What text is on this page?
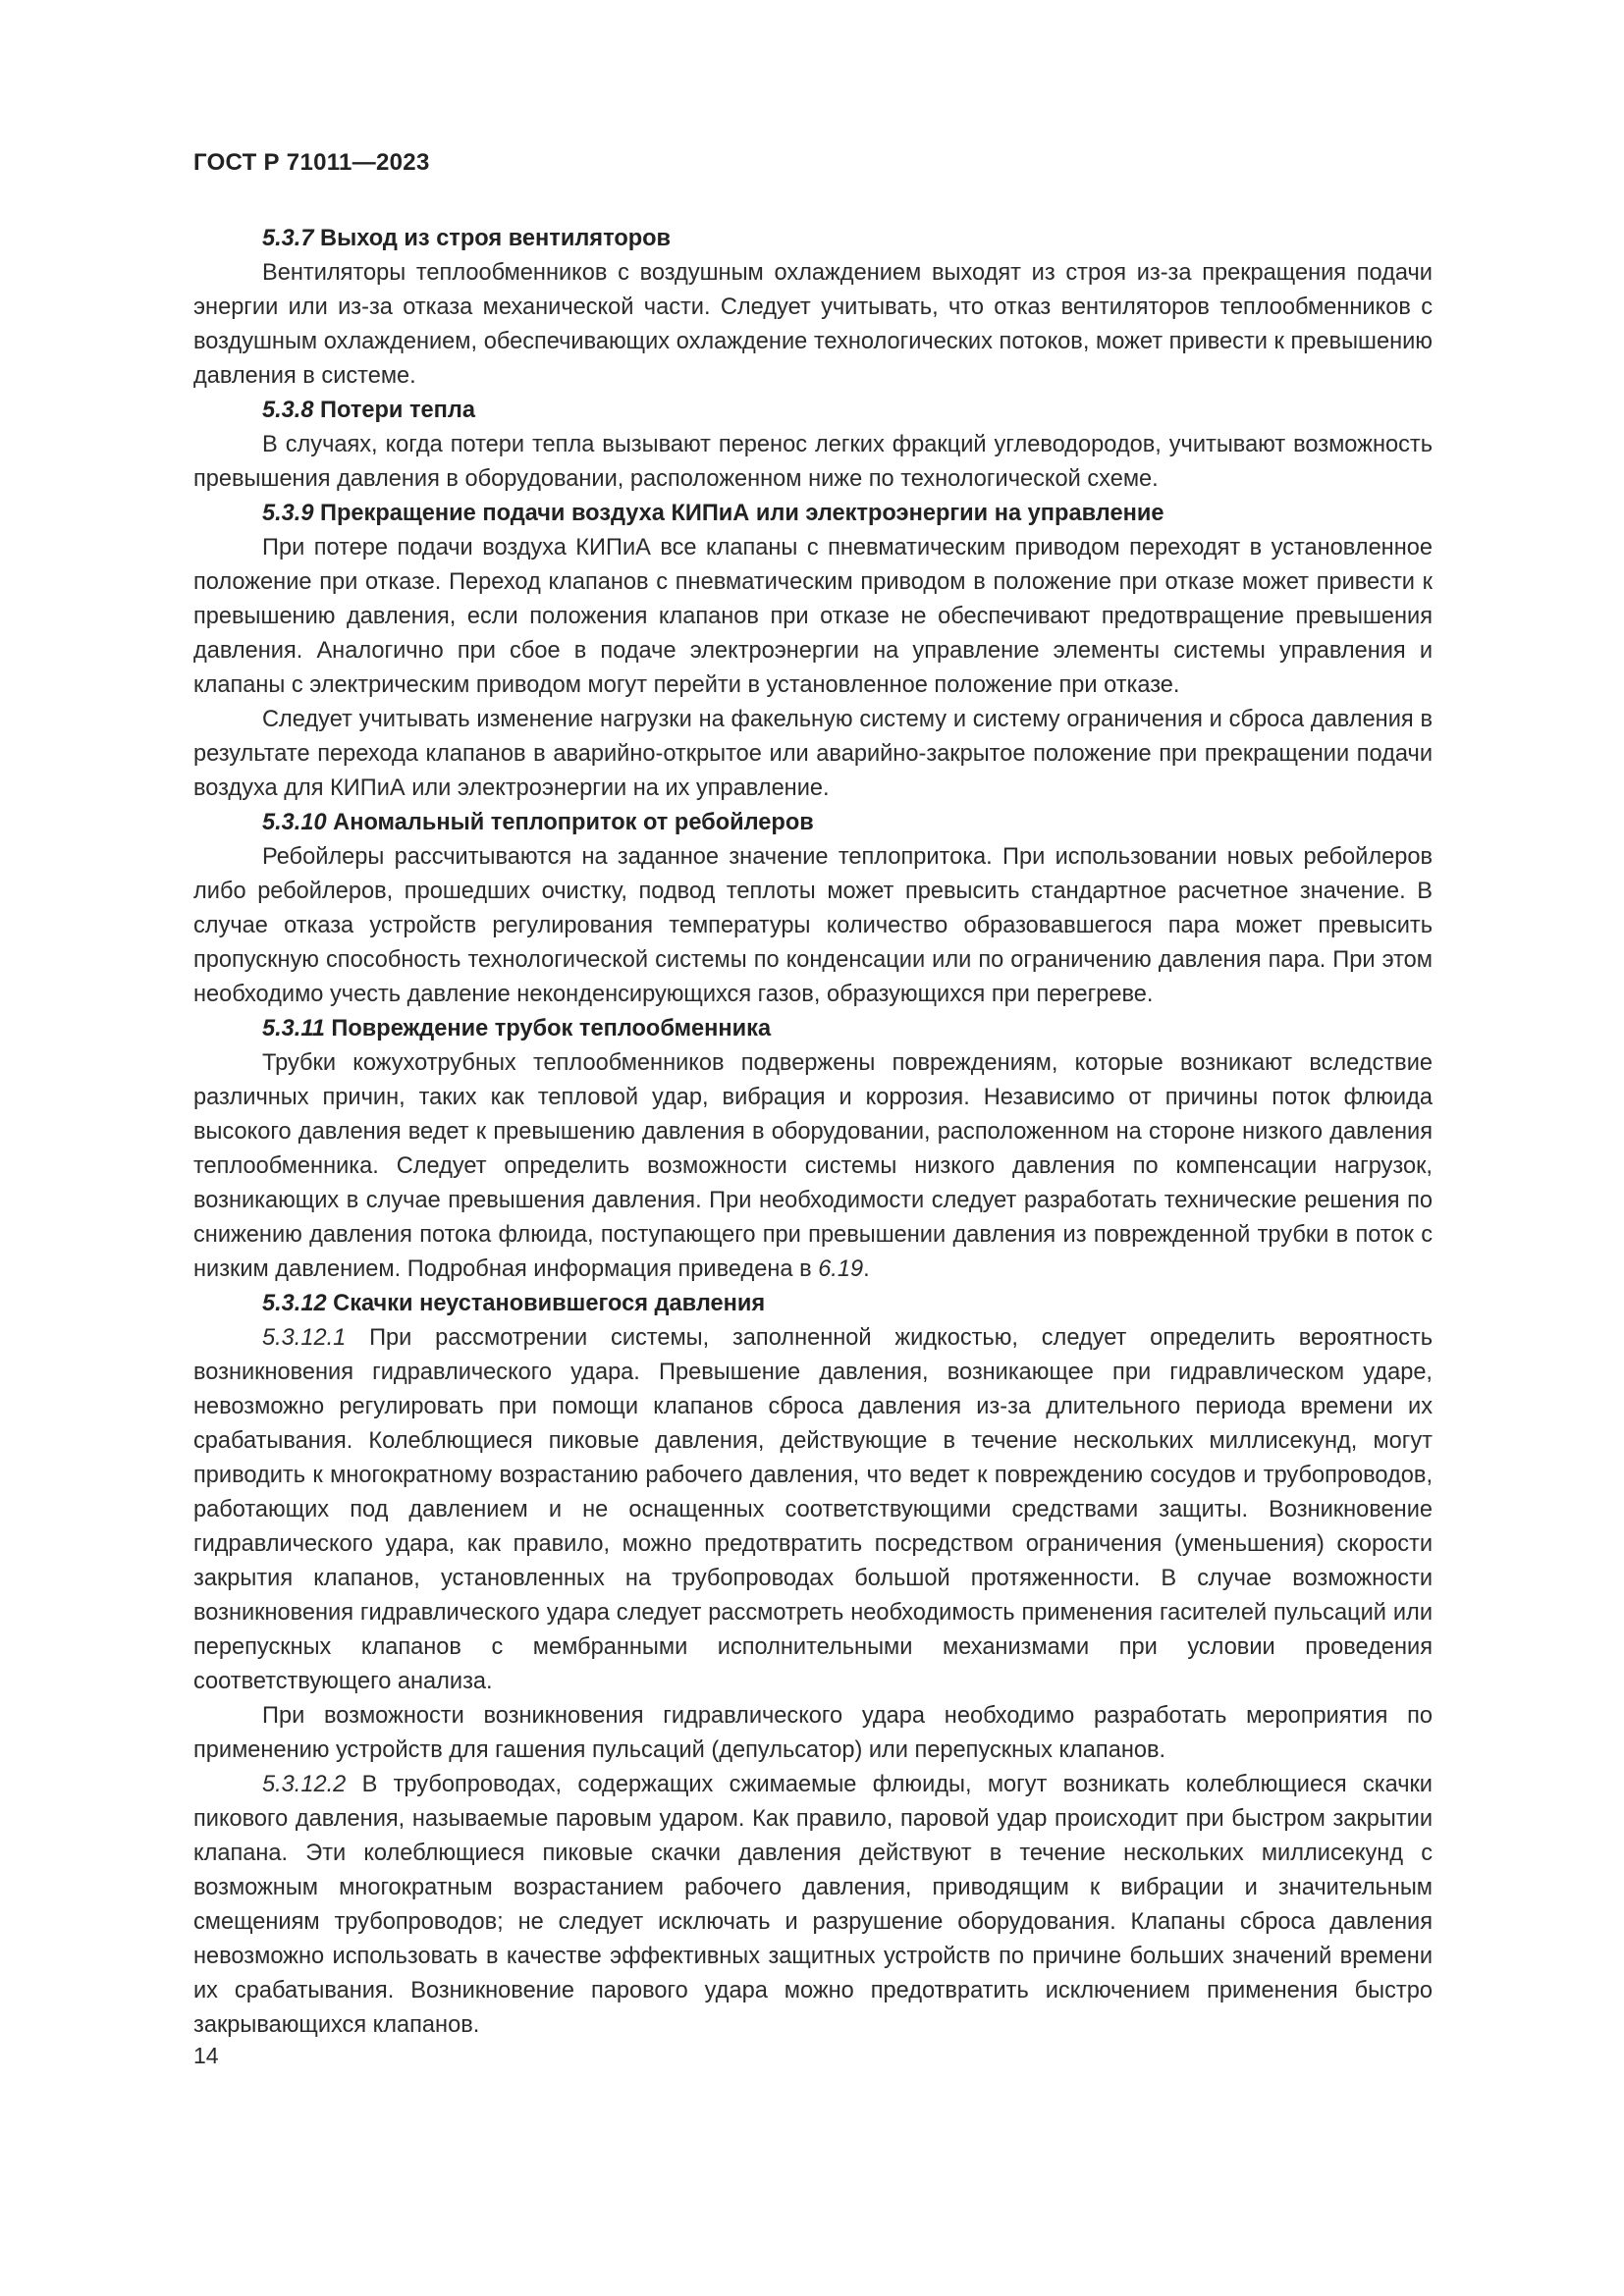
ГОСТ Р 71011—2023
5.3.7 Выход из строя вентиляторов

Вентиляторы теплообменников с воздушным охлаждением выходят из строя из-за прекращения подачи энергии или из-за отказа механической части. Следует учитывать, что отказ вентиляторов теплообменников с воздушным охлаждением, обеспечивающих охлаждение технологических потоков, может привести к превышению давления в системе.

5.3.8 Потери тепла

В случаях, когда потери тепла вызывают перенос легких фракций углеводородов, учитывают возможность превышения давления в оборудовании, расположенном ниже по технологической схеме.

5.3.9 Прекращение подачи воздуха КИПиА или электроэнергии на управление

При потере подачи воздуха КИПиА все клапаны с пневматическим приводом переходят в установленное положение при отказе. Переход клапанов с пневматическим приводом в положение при отказе может привести к превышению давления, если положения клапанов при отказе не обеспечивают предотвращение превышения давления. Аналогично при сбое в подаче электроэнергии на управление элементы системы управления и клапаны с электрическим приводом могут перейти в установленное положение при отказе.

Следует учитывать изменение нагрузки на факельную систему и систему ограничения и сброса давления в результате перехода клапанов в аварийно-открытое или аварийно-закрытое положение при прекращении подачи воздуха для КИПиА или электроэнергии на их управление.

5.3.10 Аномальный теплоприток от ребойлеров

Ребойлеры рассчитываются на заданное значение теплопритока. При использовании новых ребойлеров либо ребойлеров, прошедших очистку, подвод теплоты может превысить стандартное расчетное значение. В случае отказа устройств регулирования температуры количество образовавшегося пара может превысить пропускную способность технологической системы по конденсации или по ограничению давления пара. При этом необходимо учесть давление неконденсирующихся газов, образующихся при перегреве.

5.3.11 Повреждение трубок теплообменника

Трубки кожухотрубных теплообменников подвержены повреждениям, которые возникают вследствие различных причин, таких как тепловой удар, вибрация и коррозия. Независимо от причины поток флюида высокого давления ведет к превышению давления в оборудовании, расположенном на стороне низкого давления теплообменника. Следует определить возможности системы низкого давления по компенсации нагрузок, возникающих в случае превышения давления. При необходимости следует разработать технические решения по снижению давления потока флюида, поступающего при превышении давления из поврежденной трубки в поток с низким давлением. Подробная информация приведена в 6.19.

5.3.12 Скачки неустановившегося давления

5.3.12.1 При рассмотрении системы, заполненной жидкостью, следует определить вероятность возникновения гидравлического удара. Превышение давления, возникающее при гидравлическом ударе, невозможно регулировать при помощи клапанов сброса давления из-за длительного периода времени их срабатывания. Колеблющиеся пиковые давления, действующие в течение нескольких миллисекунд, могут приводить к многократному возрастанию рабочего давления, что ведет к повреждению сосудов и трубопроводов, работающих под давлением и не оснащенных соответствующими средствами защиты. Возникновение гидравлического удара, как правило, можно предотвратить посредством ограничения (уменьшения) скорости закрытия клапанов, установленных на трубопроводах большой протяженности. В случае возможности возникновения гидравлического удара следует рассмотреть необходимость применения гасителей пульсаций или перепускных клапанов с мембранными исполнительными механизмами при условии проведения соответствующего анализа.

При возможности возникновения гидравлического удара необходимо разработать мероприятия по применению устройств для гашения пульсаций (депульсатор) или перепускных клапанов.

5.3.12.2 В трубопроводах, содержащих сжимаемые флюиды, могут возникать колеблющиеся скачки пикового давления, называемые паровым ударом. Как правило, паровой удар происходит при быстром закрытии клапана. Эти колеблющиеся пиковые скачки давления действуют в течение нескольких миллисекунд с возможным многократным возрастанием рабочего давления, приводящим к вибрации и значительным смещениям трубопроводов; не следует исключать и разрушение оборудования. Клапаны сброса давления невозможно использовать в качестве эффективных защитных устройств по причине больших значений времени их срабатывания. Возникновение парового удара можно предотвратить исключением применения быстро закрывающихся клапанов.

14
